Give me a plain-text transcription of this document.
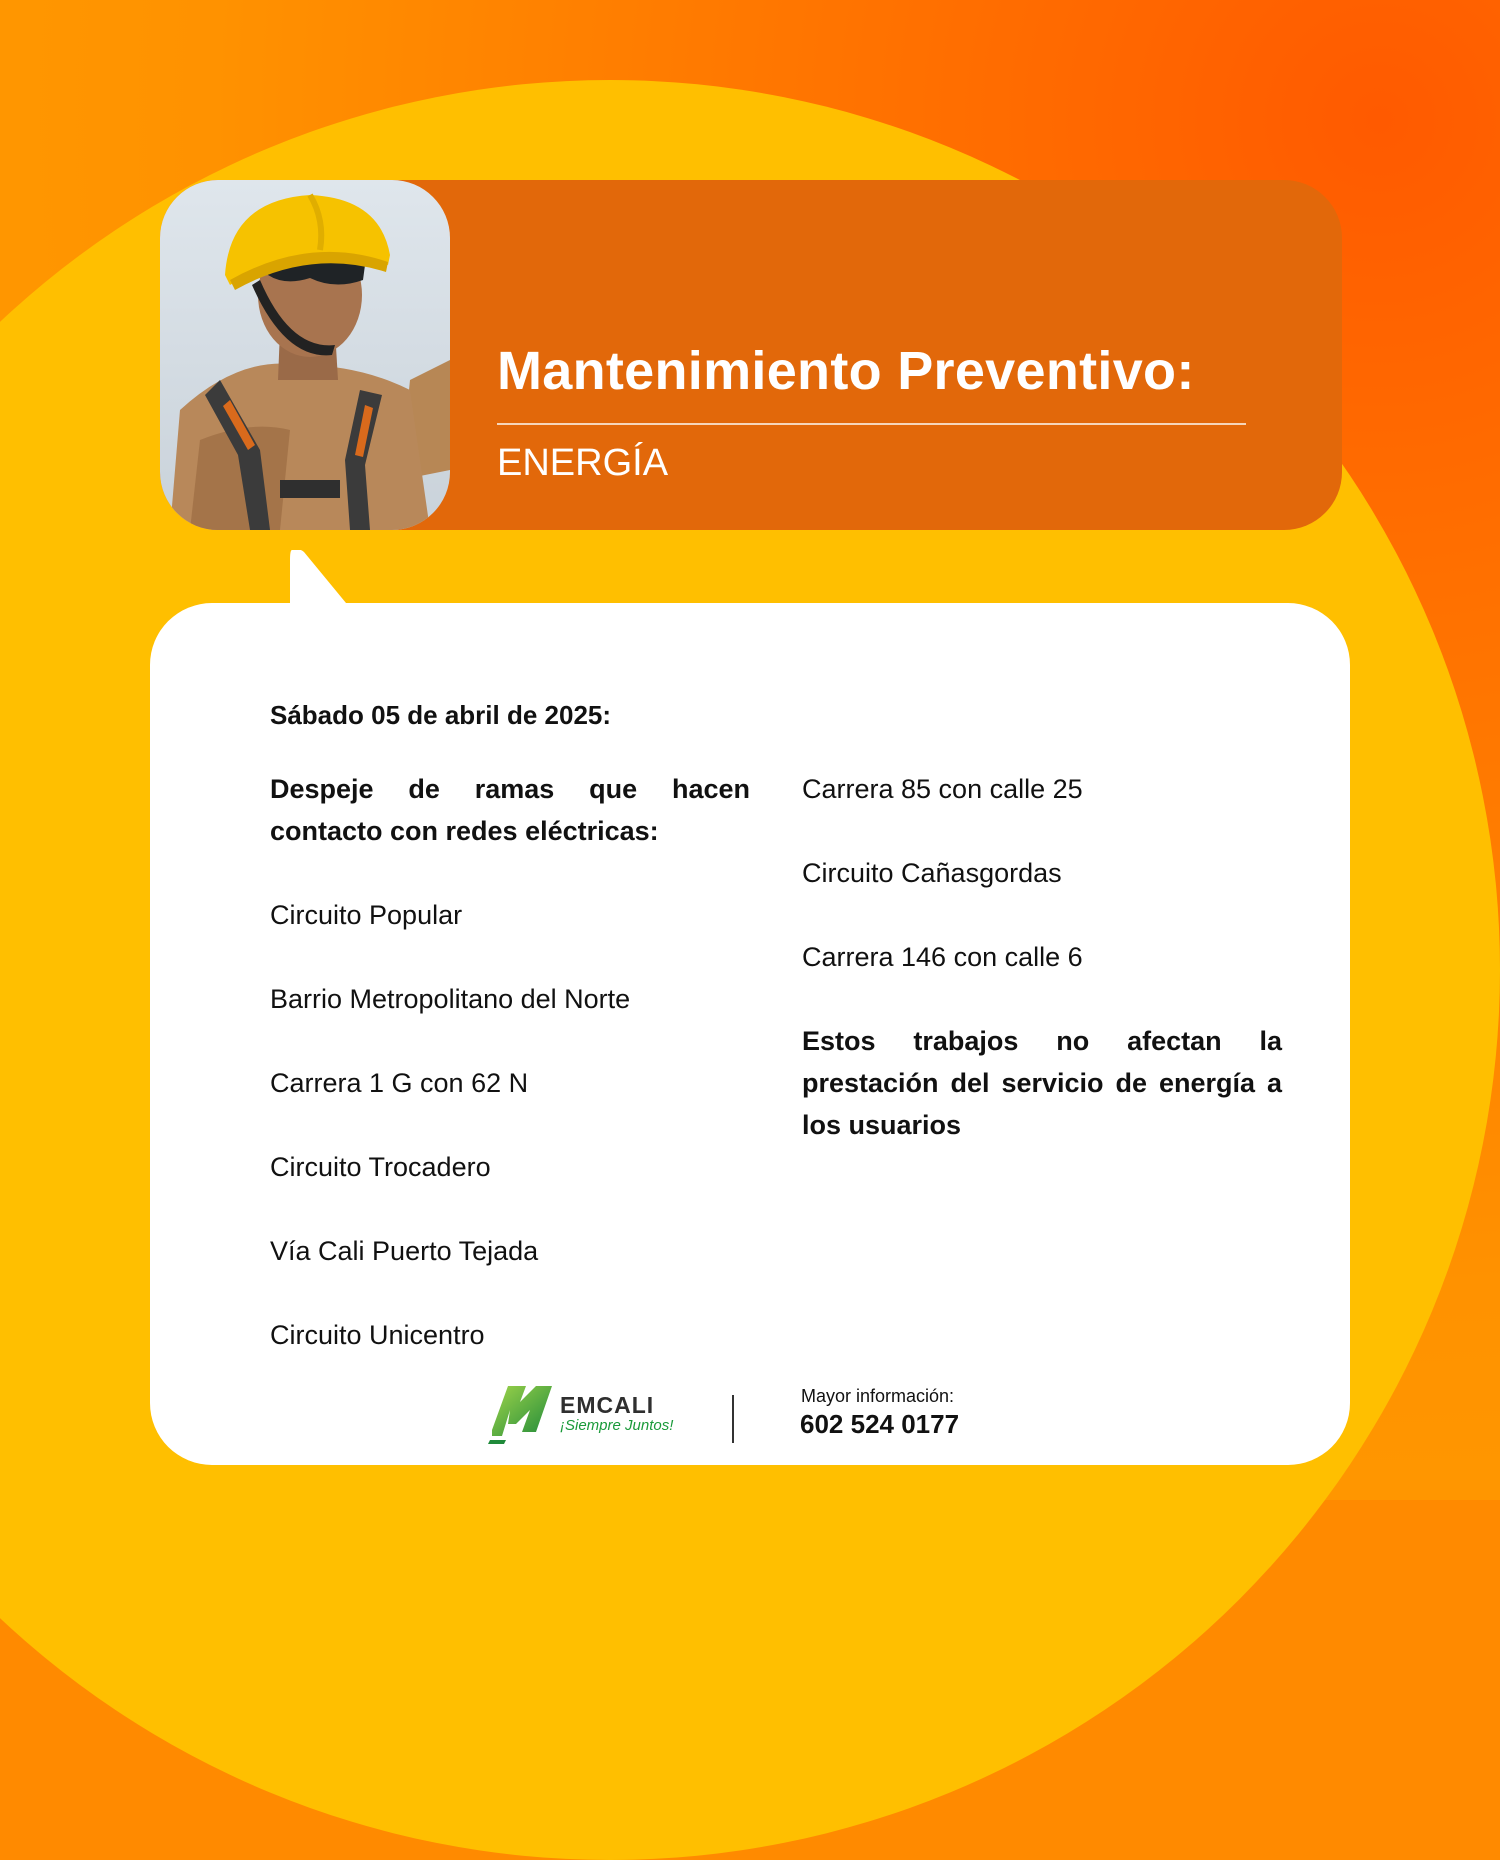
Mantenimiento Preventivo:
ENERGÍA
Sábado 05 de abril de 2025:

Despeje de ramas que hacen contacto con redes eléctricas:

Circuito Popular

Barrio Metropolitano del Norte

Carrera 1 G con 62 N

Circuito Trocadero

Vía Cali Puerto Tejada

Circuito Unicentro

Carrera 85 con calle 25

Circuito Cañasgordas

Carrera 146 con calle 6

Estos trabajos no afectan la prestación del servicio de energía a los usuarios

EMCALI
¡Siempre Juntos!
Mayor información:
602 524 0177
